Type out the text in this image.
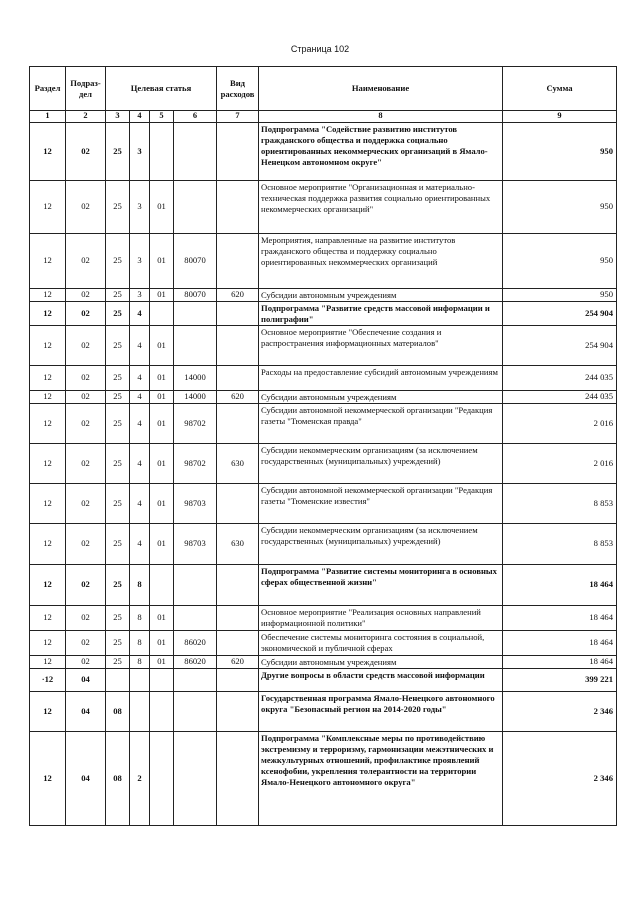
Страница 102
Раздел	Подраз-дел	Целевая статья				Вид расходов	Наименование	Сумма
1	2	3	4	5	6	7	8	9
12	02	25	3				Подпрограмма "Содействие развитию институтов гражданского общества и поддержка социально ориентированных некоммерческих организаций в Ямало-Ненецком автономном округе"	950
12	02	25	3	01			Основное мероприятие "Организационная и материально-техническая поддержка развития социально ориентированных некоммерческих организаций"	950
12	02	25	3	01	80070		Мероприятия, направленные на развитие институтов гражданского общества и поддержку социально ориентированных некоммерческих организаций	950
12	02	25	3	01	80070	620	Субсидии автономным учреждениям	950
12	02	25	4				Подпрограмма "Развитие средств массовой информации и полиграфии"	254 904
12	02	25	4	01			Основное мероприятие "Обеспечение создания и распространения информационных материалов"	254 904
12	02	25	4	01	14000		Расходы на предоставление субсидий автономным учреждениям	244 035
12	02	25	4	01	14000	620	Субсидии автономным учреждениям	244 035
12	02	25	4	01	98702		Субсидии автономной некоммерческой организации "Редакция газеты "Тюменская правда"	2 016
12	02	25	4	01	98702	630	Субсидии некоммерческим организациям (за исключением государственных (муниципальных) учреждений)	2 016
12	02	25	4	01	98703		Субсидии автономной некоммерческой организации "Редакция газеты "Тюменские известия"	8 853
12	02	25	4	01	98703	630	Субсидии некоммерческим организациям (за исключением государственных (муниципальных) учреждений)	8 853
12	02	25	8				Подпрограмма "Развитие системы мониторинга в основных сферах общественной жизни"	18 464
12	02	25	8	01			Основное мероприятие "Реализация основных направлений информационной политики"	18 464
12	02	25	8	01	86020		Обеспечение системы мониторинга состояния в социальной, экономической и публичной сферах	18 464
12	02	25	8	01	86020	620	Субсидии автономным учреждениям	18 464
·12	04						Другие вопросы в области средств массовой информации	399 221
12	04	08					Государственная программа Ямало-Ненецкого автономного округа "Безопасный регион на 2014-2020 годы"	2 346
12	04	08	2				Подпрограмма "Комплексные меры по противодействию экстремизму и терроризму, гармонизации межэтнических и межкультурных отношений, профилактике проявлений ксенофобии, укрепления толерантности на территории Ямало-Ненецкого автономного округа"	2 346
